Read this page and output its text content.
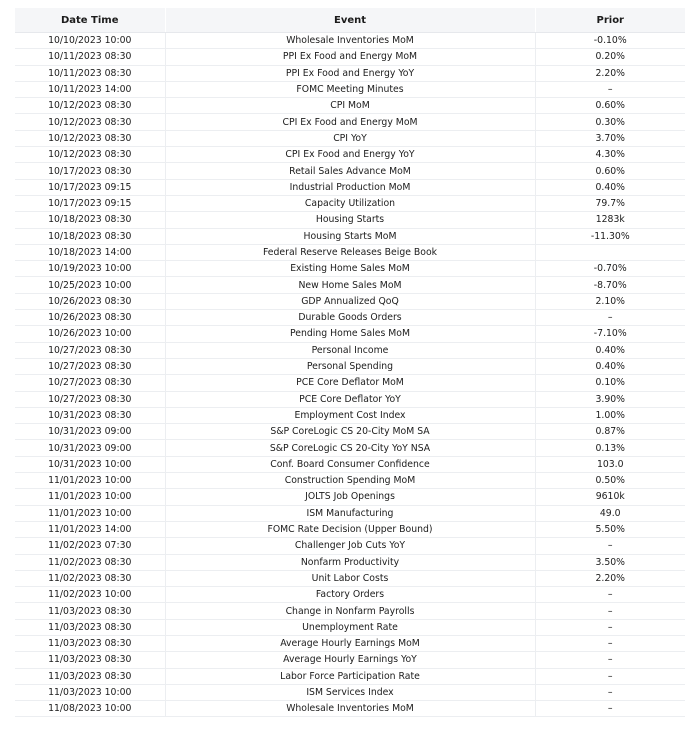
Date Time	Event	Prior
10/10/2023 10:00	Wholesale Inventories MoM	-0.10%
10/11/2023 08:30	PPI Ex Food and Energy MoM	0.20%
10/11/2023 08:30	PPI Ex Food and Energy YoY	2.20%
10/11/2023 14:00	FOMC Meeting Minutes	–
10/12/2023 08:30	CPI MoM	0.60%
10/12/2023 08:30	CPI Ex Food and Energy MoM	0.30%
10/12/2023 08:30	CPI YoY	3.70%
10/12/2023 08:30	CPI Ex Food and Energy YoY	4.30%
10/17/2023 08:30	Retail Sales Advance MoM	0.60%
10/17/2023 09:15	Industrial Production MoM	0.40%
10/17/2023 09:15	Capacity Utilization	79.7%
10/18/2023 08:30	Housing Starts	1283k
10/18/2023 08:30	Housing Starts MoM	-11.30%
10/18/2023 14:00	Federal Reserve Releases Beige Book	
10/19/2023 10:00	Existing Home Sales MoM	-0.70%
10/25/2023 10:00	New Home Sales MoM	-8.70%
10/26/2023 08:30	GDP Annualized QoQ	2.10%
10/26/2023 08:30	Durable Goods Orders	–
10/26/2023 10:00	Pending Home Sales MoM	-7.10%
10/27/2023 08:30	Personal Income	0.40%
10/27/2023 08:30	Personal Spending	0.40%
10/27/2023 08:30	PCE Core Deflator MoM	0.10%
10/27/2023 08:30	PCE Core Deflator YoY	3.90%
10/31/2023 08:30	Employment Cost Index	1.00%
10/31/2023 09:00	S&P CoreLogic CS 20-City MoM SA	0.87%
10/31/2023 09:00	S&P CoreLogic CS 20-City YoY NSA	0.13%
10/31/2023 10:00	Conf. Board Consumer Confidence	103.0
11/01/2023 10:00	Construction Spending MoM	0.50%
11/01/2023 10:00	JOLTS Job Openings	9610k
11/01/2023 10:00	ISM Manufacturing	49.0
11/01/2023 14:00	FOMC Rate Decision (Upper Bound)	5.50%
11/02/2023 07:30	Challenger Job Cuts YoY	–
11/02/2023 08:30	Nonfarm Productivity	3.50%
11/02/2023 08:30	Unit Labor Costs	2.20%
11/02/2023 10:00	Factory Orders	–
11/03/2023 08:30	Change in Nonfarm Payrolls	–
11/03/2023 08:30	Unemployment Rate	–
11/03/2023 08:30	Average Hourly Earnings MoM	–
11/03/2023 08:30	Average Hourly Earnings YoY	–
11/03/2023 08:30	Labor Force Participation Rate	–
11/03/2023 10:00	ISM Services Index	–
11/08/2023 10:00	Wholesale Inventories MoM	–
